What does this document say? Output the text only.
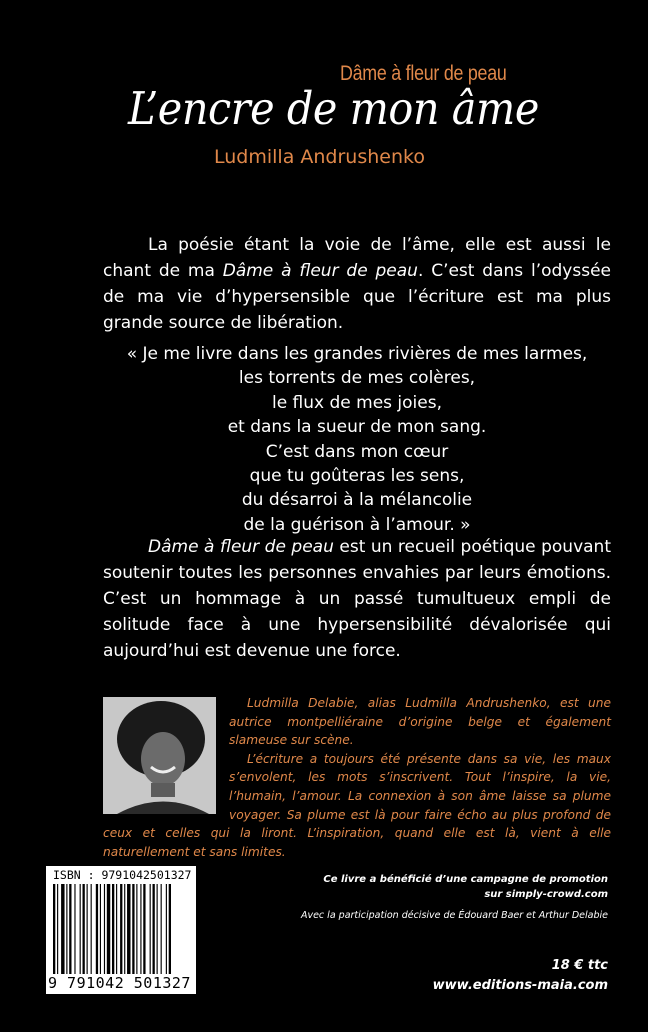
Dâme à fleur de peau
L’encre de mon âme
Ludmilla Andrushenko
La poésie étant la voie de l’âme, elle est aussi le chant de ma Dâme à fleur de peau. C’est dans l’odyssée de ma vie d’hypersensible que l’écriture est ma plus grande source de libération.
« Je me livre dans les grandes rivières de mes larmes,
les torrents de mes colères,
le flux de mes joies,
et dans la sueur de mon sang.
C’est dans mon cœur
que tu goûteras les sens,
du désarroi à la mélancolie
de la guérison à l’amour. »
Dâme à fleur de peau est un recueil poétique pouvant soutenir toutes les personnes envahies par leurs émotions. C’est un hommage à un passé tumultueux empli de solitude face à une hypersensibilité dévalorisée qui aujourd’hui est devenue une force.

Ludmilla Delabie, alias Ludmilla Andrushenko, est une autrice montpelliéraine d’origine belge et également slameuse sur scène.

L’écriture a toujours été présente dans sa vie, les maux s’envolent, les mots s’inscrivent. Tout l’inspire, la vie, l’humain, l’amour. La connexion à son âme laisse sa plume voyager. Sa plume est là pour faire écho au plus profond de ceux et celles qui la liront. L’inspiration, quand elle est là, vient à elle naturellement et sans limites.

ISBN : 9791042501327
9 791042 501327
Ce livre a bénéficié d’une campagne de promotion
sur simply-crowd.com
Avec la participation décisive de Édouard Baer et Arthur Delabie
18 € ttc
www.editions-maia.com
